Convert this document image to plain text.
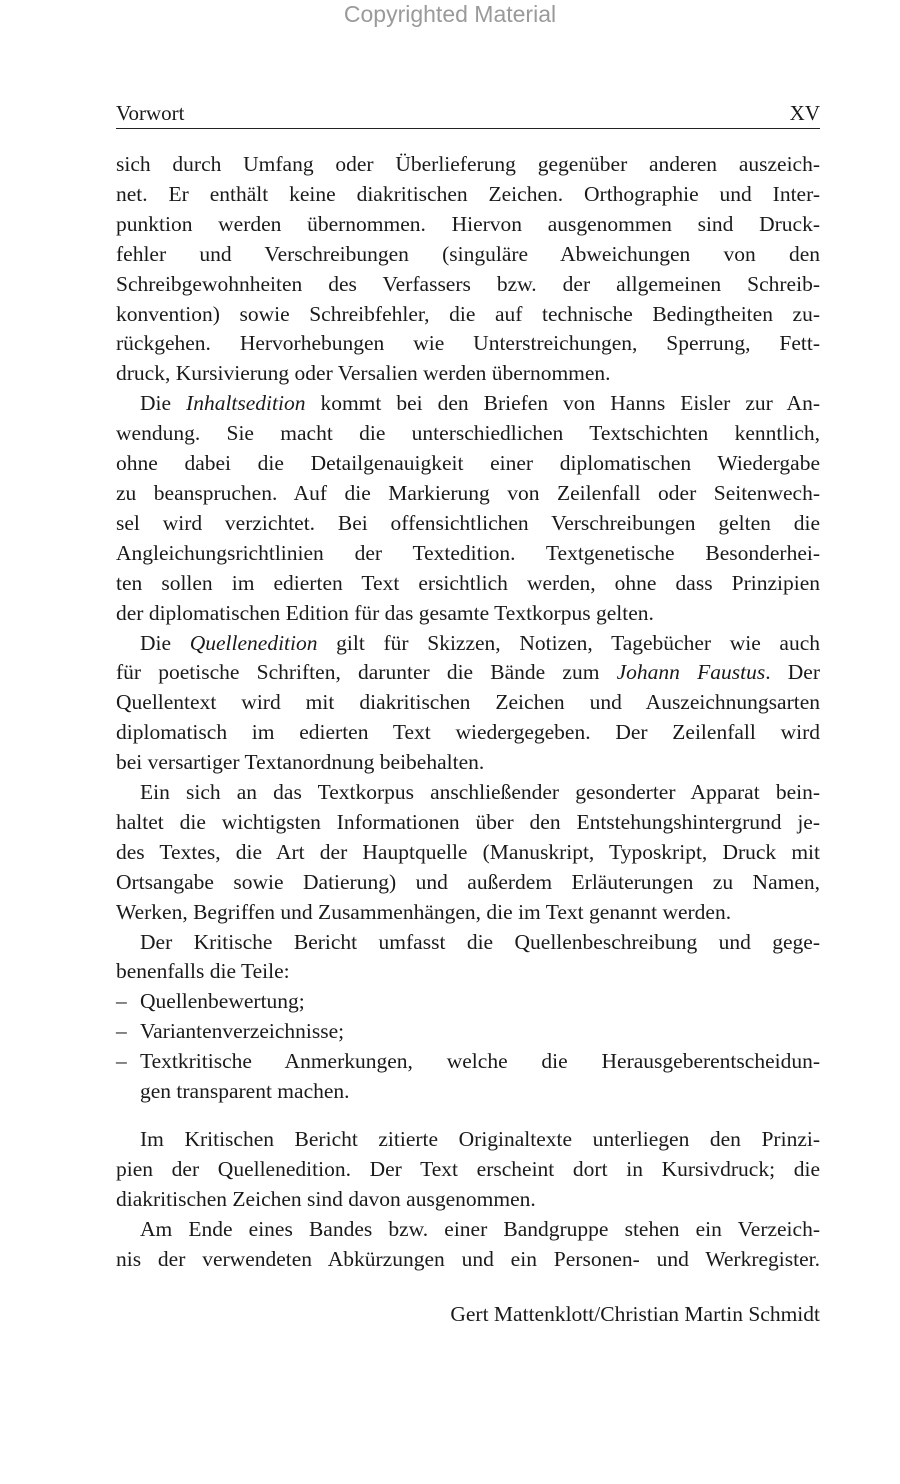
Copyrighted Material
Vorwort	XV

sich durch Umfang oder Überlieferung gegenüber anderen auszeich-
net. Er enthält keine diakritischen Zeichen. Orthographie und Inter-
punktion werden übernommen. Hiervon ausgenommen sind Druck-
fehler und Verschreibungen (singuläre Abweichungen von den
Schreibgewohnheiten des Verfassers bzw. der allgemeinen Schreib-
konvention) sowie Schreibfehler, die auf technische Bedingtheiten zu-
rückgehen. Hervorhebungen wie Unterstreichungen, Sperrung, Fett-
druck, Kursivierung oder Versalien werden übernommen.

Die Inhaltsedition kommt bei den Briefen von Hanns Eisler zur An-
wendung. Sie macht die unterschiedlichen Textschichten kenntlich,
ohne dabei die Detailgenauigkeit einer diplomatischen Wiedergabe
zu beanspruchen. Auf die Markierung von Zeilenfall oder Seitenwech-
sel wird verzichtet. Bei offensichtlichen Verschreibungen gelten die
Angleichungsrichtlinien der Textedition. Textgenetische Besonderhei-
ten sollen im edierten Text ersichtlich werden, ohne dass Prinzipien
der diplomatischen Edition für das gesamte Textkorpus gelten.

Die Quellenedition gilt für Skizzen, Notizen, Tagebücher wie auch
für poetische Schriften, darunter die Bände zum Johann Faustus. Der
Quellentext wird mit diakritischen Zeichen und Auszeichnungsarten
diplomatisch im edierten Text wiedergegeben. Der Zeilenfall wird
bei versartiger Textanordnung beibehalten.

Ein sich an das Textkorpus anschließender gesonderter Apparat bein-
haltet die wichtigsten Informationen über den Entstehungshintergrund je-
des Textes, die Art der Hauptquelle (Manuskript, Typoskript, Druck mit
Ortsangabe sowie Datierung) und außerdem Erläuterungen zu Namen,
Werken, Begriffen und Zusammenhängen, die im Text genannt werden.

Der Kritische Bericht umfasst die Quellenbeschreibung und gege-
benenfalls die Teile:

– Quellenbewertung;
– Variantenverzeichnisse;
– Textkritische Anmerkungen, welche die Herausgeberentscheidun-
gen transparent machen.

Im Kritischen Bericht zitierte Originaltexte unterliegen den Prinzi-
pien der Quellenedition. Der Text erscheint dort in Kursivdruck; die
diakritischen Zeichen sind davon ausgenommen.

Am Ende eines Bandes bzw. einer Bandgruppe stehen ein Verzeich-
nis der verwendeten Abkürzungen und ein Personen- und Werkregister.

Gert Mattenklott/Christian Martin Schmidt
